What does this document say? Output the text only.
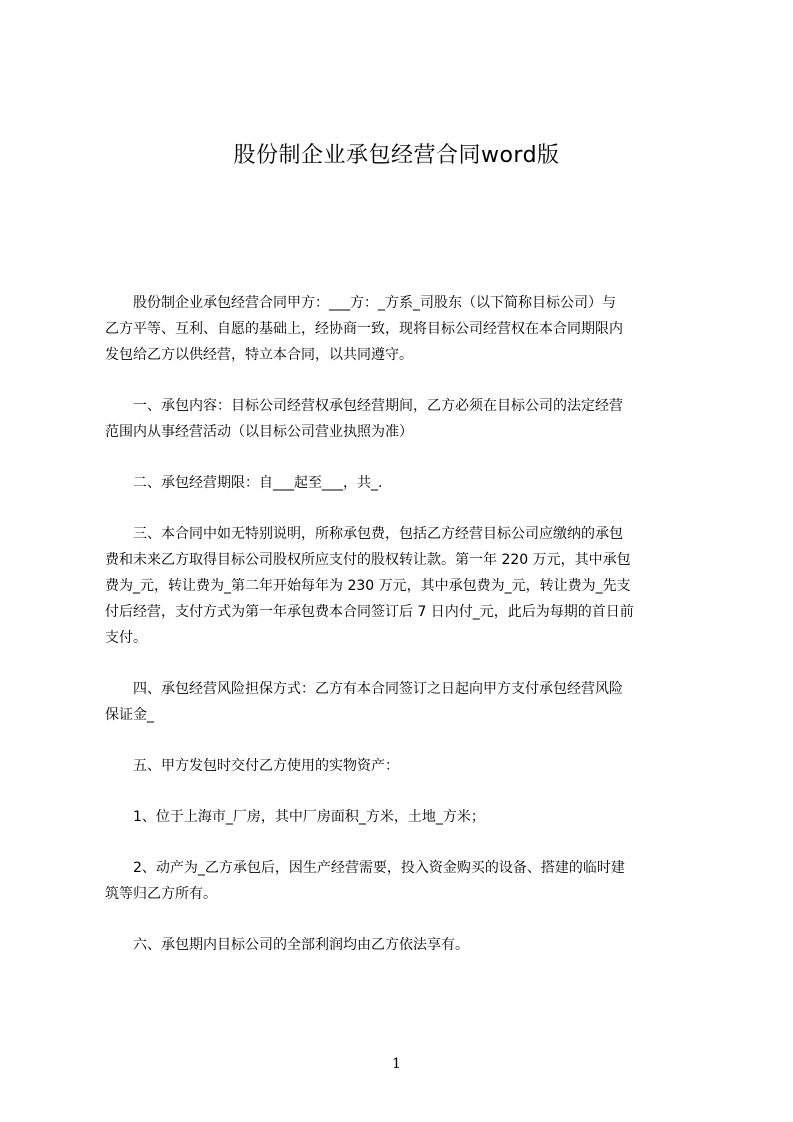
股份制企业承包经营合同word版

　　股份制企业承包经营合同甲方：___方：_方系_司股东（以下简称目标公司）与
乙方平等、互利、自愿的基础上，经协商一致，现将目标公司经营权在本合同期限内
发包给乙方以供经营，特立本合同，以共同遵守。

　　一、承包内容：目标公司经营权承包经营期间，乙方必须在目标公司的法定经营
范围内从事经营活动（以目标公司营业执照为准）

　　二、承包经营期限：自___起至___，共_.

　　三、本合同中如无特别说明，所称承包费，包括乙方经营目标公司应缴纳的承包
费和未来乙方取得目标公司股权所应支付的股权转让款。第一年 220 万元，其中承包
费为_元，转让费为_第二年开始每年为 230 万元，其中承包费为_元，转让费为_先支
付后经营，支付方式为第一年承包费本合同签订后 7 日内付_元，此后为每期的首日前
支付。

　　四、承包经营风险担保方式：乙方有本合同签订之日起向甲方支付承包经营风险
保证金_

　　五、甲方发包时交付乙方使用的实物资产：

　　1、位于上海市_厂房，其中厂房面积_方米，土地_方米；

　　2、动产为_乙方承包后，因生产经营需要，投入资金购买的设备、搭建的临时建
筑等归乙方所有。

　　六、承包期内目标公司的全部利润均由乙方依法享有。

1
